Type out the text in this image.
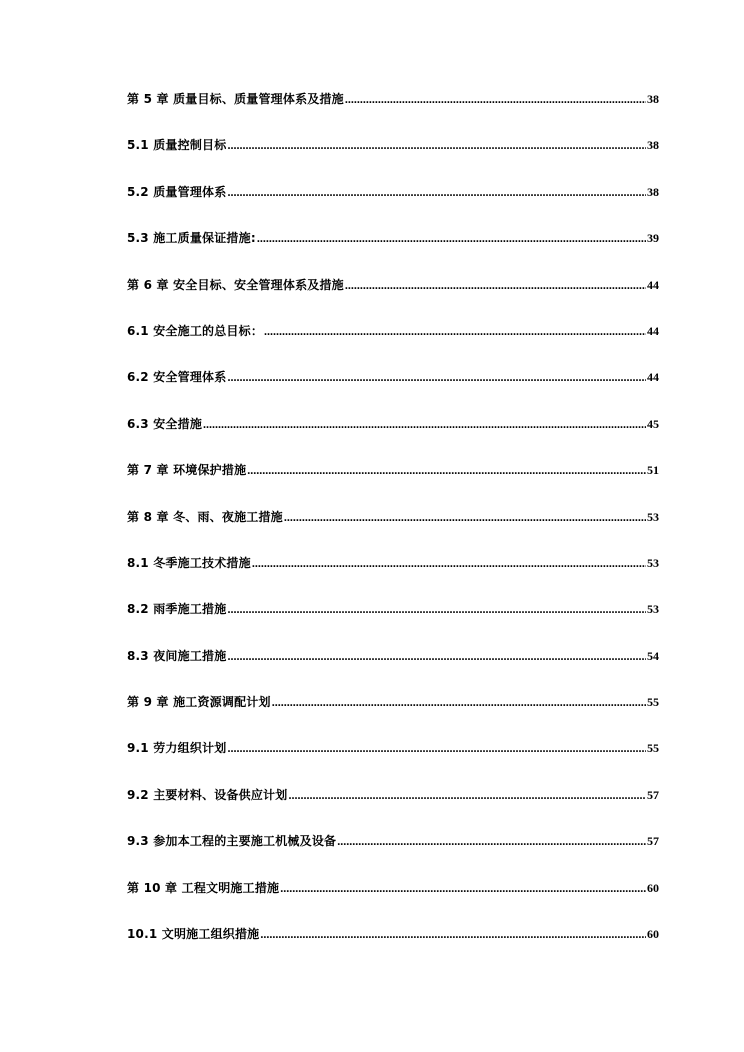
第 5 章 质量目标、质量管理体系及措施 .....	38
5.1 质量控制目标 .....	38
5.2 质量管理体系 .....	38
5.3 施工质量保证措施: .....	39
第 6 章 安全目标、安全管理体系及措施 .....	44
6.1 安全施工的总目标： .....	44
6.2 安全管理体系 .....	44
6.3 安全措施 .....	45
第 7 章 环境保护措施 .....	51
第 8 章 冬、雨、夜施工措施 .....	53
8.1 冬季施工技术措施 .....	53
8.2 雨季施工措施 .....	53
8.3 夜间施工措施 .....	54
第 9 章 施工资源调配计划 .....	55
9.1 劳力组织计划 .....	55
9.2 主要材料、设备供应计划 .....	57
9.3 参加本工程的主要施工机械及设备 .....	57
第 10 章 工程文明施工措施 .....	60
10.1 文明施工组织措施 .....	60
